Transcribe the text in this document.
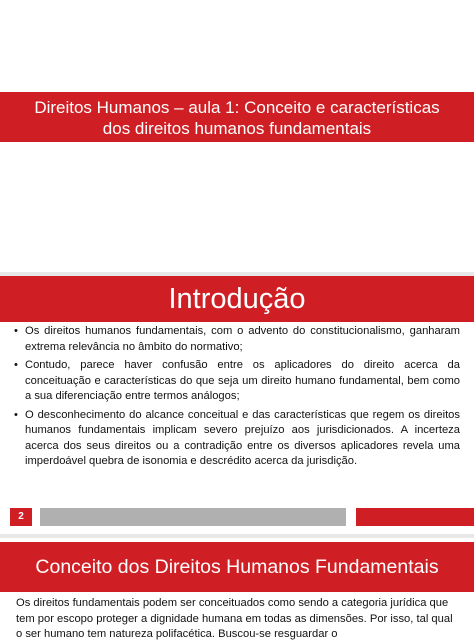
Direitos Humanos – aula 1: Conceito e características
dos direitos humanos fundamentais
Introdução
• Os direitos humanos fundamentais, com o advento do constitucionalismo, ganharam extrema relevância no âmbito do normativo;
• Contudo, parece haver confusão entre os aplicadores do direito acerca da conceituação e características do que seja um direito humano fundamental, bem como a sua diferenciação entre termos análogos;
• O desconhecimento do alcance conceitual e das características que regem os direitos humanos fundamentais implicam severo prejuízo aos jurisdicionados. A incerteza acerca dos seus direitos ou a contradição entre os diversos aplicadores revela uma imperdoável quebra de isonomia e descrédito acerca da jurisdição.
2
Conceito dos Direitos Humanos Fundamentais

Os direitos fundamentais podem ser conceituados como sendo a categoria jurídica que tem por escopo proteger a dignidade humana em todas as dimensões. Por isso, tal qual o ser humano tem natureza polifacética. Buscou-se resguardar o
